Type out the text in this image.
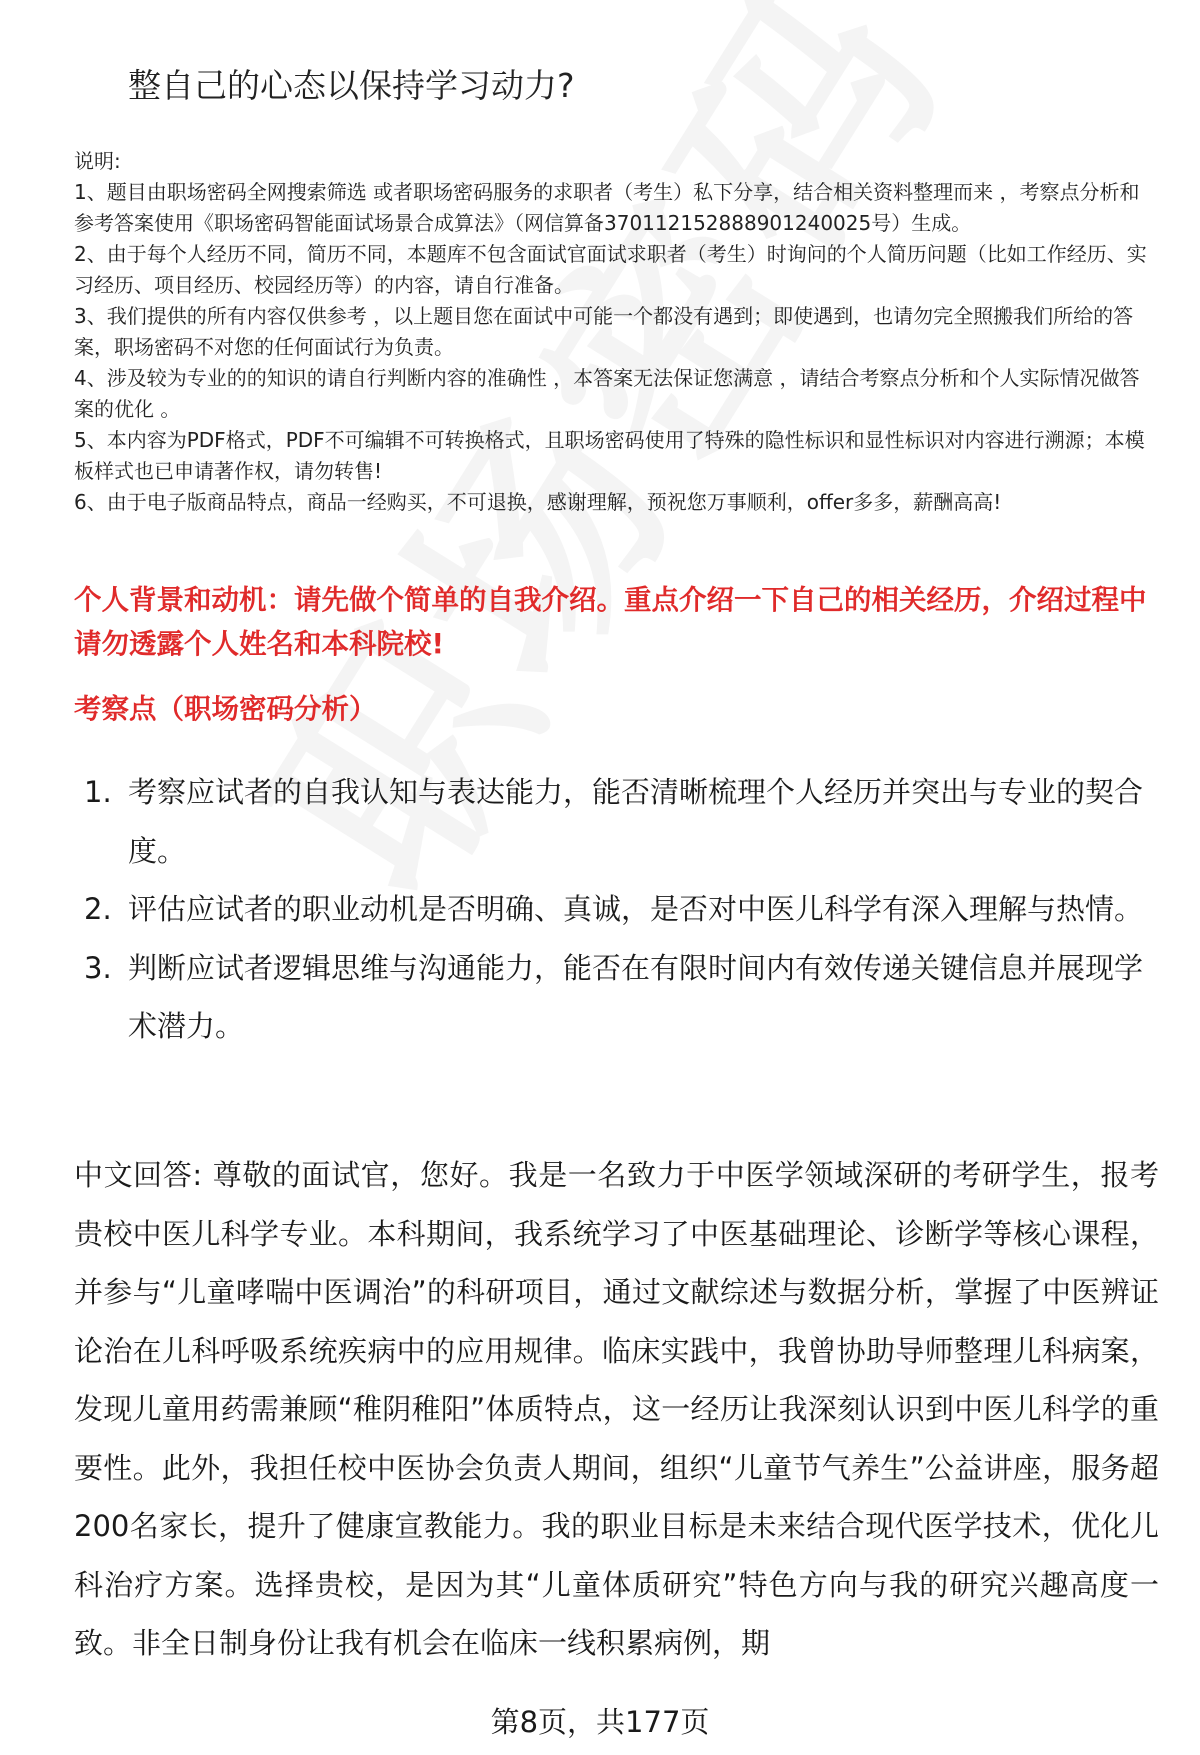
整自己的心态以保持学习动力?

说明:

1、题目由职场密码全网搜索筛选 或者职场密码服务的求职者（考生）私下分享，结合相关资料整理而来 ，考察点分析和参考答案使用《职场密码智能面试场景合成算法》（网信算备370112152888901240025号）生成。

2、由于每个人经历不同，简历不同，本题库不包含面试官面试求职者（考生）时询问的个人简历问题（比如工作经历、实习经历、项目经历、校园经历等）的内容，请自行准备。

3、我们提供的所有内容仅供参考 ，以上题目您在面试中可能一个都没有遇到；即使遇到，也请勿完全照搬我们所给的答案，职场密码不对您的任何面试行为负责。

4、涉及较为专业的的知识的请自行判断内容的准确性 ，本答案无法保证您满意 ，请结合考察点分析和个人实际情况做答案的优化 。

5、本内容为PDF格式，PDF不可编辑不可转换格式，且职场密码使用了特殊的隐性标识和显性标识对内容进行溯源；本模板样式也已申请著作权，请勿转售!

6、由于电子版商品特点，商品一经购买，不可退换，感谢理解，预祝您万事顺利，offer多多，薪酬高高!

个人背景和动机：请先做个简单的自我介绍。重点介绍一下自己的相关经历，介绍过程中请勿透露个人姓名和本科院校!
考察点（职场密码分析）
1. 考察应试者的自我认知与表达能力，能否清晰梳理个人经历并突出与专业的契合度。
2. 评估应试者的职业动机是否明确、真诚，是否对中医儿科学有深入理解与热情。
3. 判断应试者逻辑思维与沟通能力，能否在有限时间内有效传递关键信息并展现学术潜力。

中文回答: 尊敬的面试官，您好。我是一名致力于中医学领域深研的考研学生，报考贵校中医儿科学专业。本科期间，我系统学习了中医基础理论、诊断学等核心课程，并参与“儿童哮喘中医调治”的科研项目，通过文献综述与数据分析，掌握了中医辨证论治在儿科呼吸系统疾病中的应用规律。临床实践中，我曾协助导师整理儿科病案，发现儿童用药需兼顾“稚阴稚阳”体质特点，这一经历让我深刻认识到中医儿科学的重要性。此外，我担任校中医协会负责人期间，组织“儿童节气养生”公益讲座，服务超200名家长，提升了健康宣教能力。我的职业目标是未来结合现代医学技术，优化儿科治疗方案。选择贵校，是因为其“儿童体质研究”特色方向与我的研究兴趣高度一致。非全日制身份让我有机会在临床一线积累病例，期

第8页，共177页
